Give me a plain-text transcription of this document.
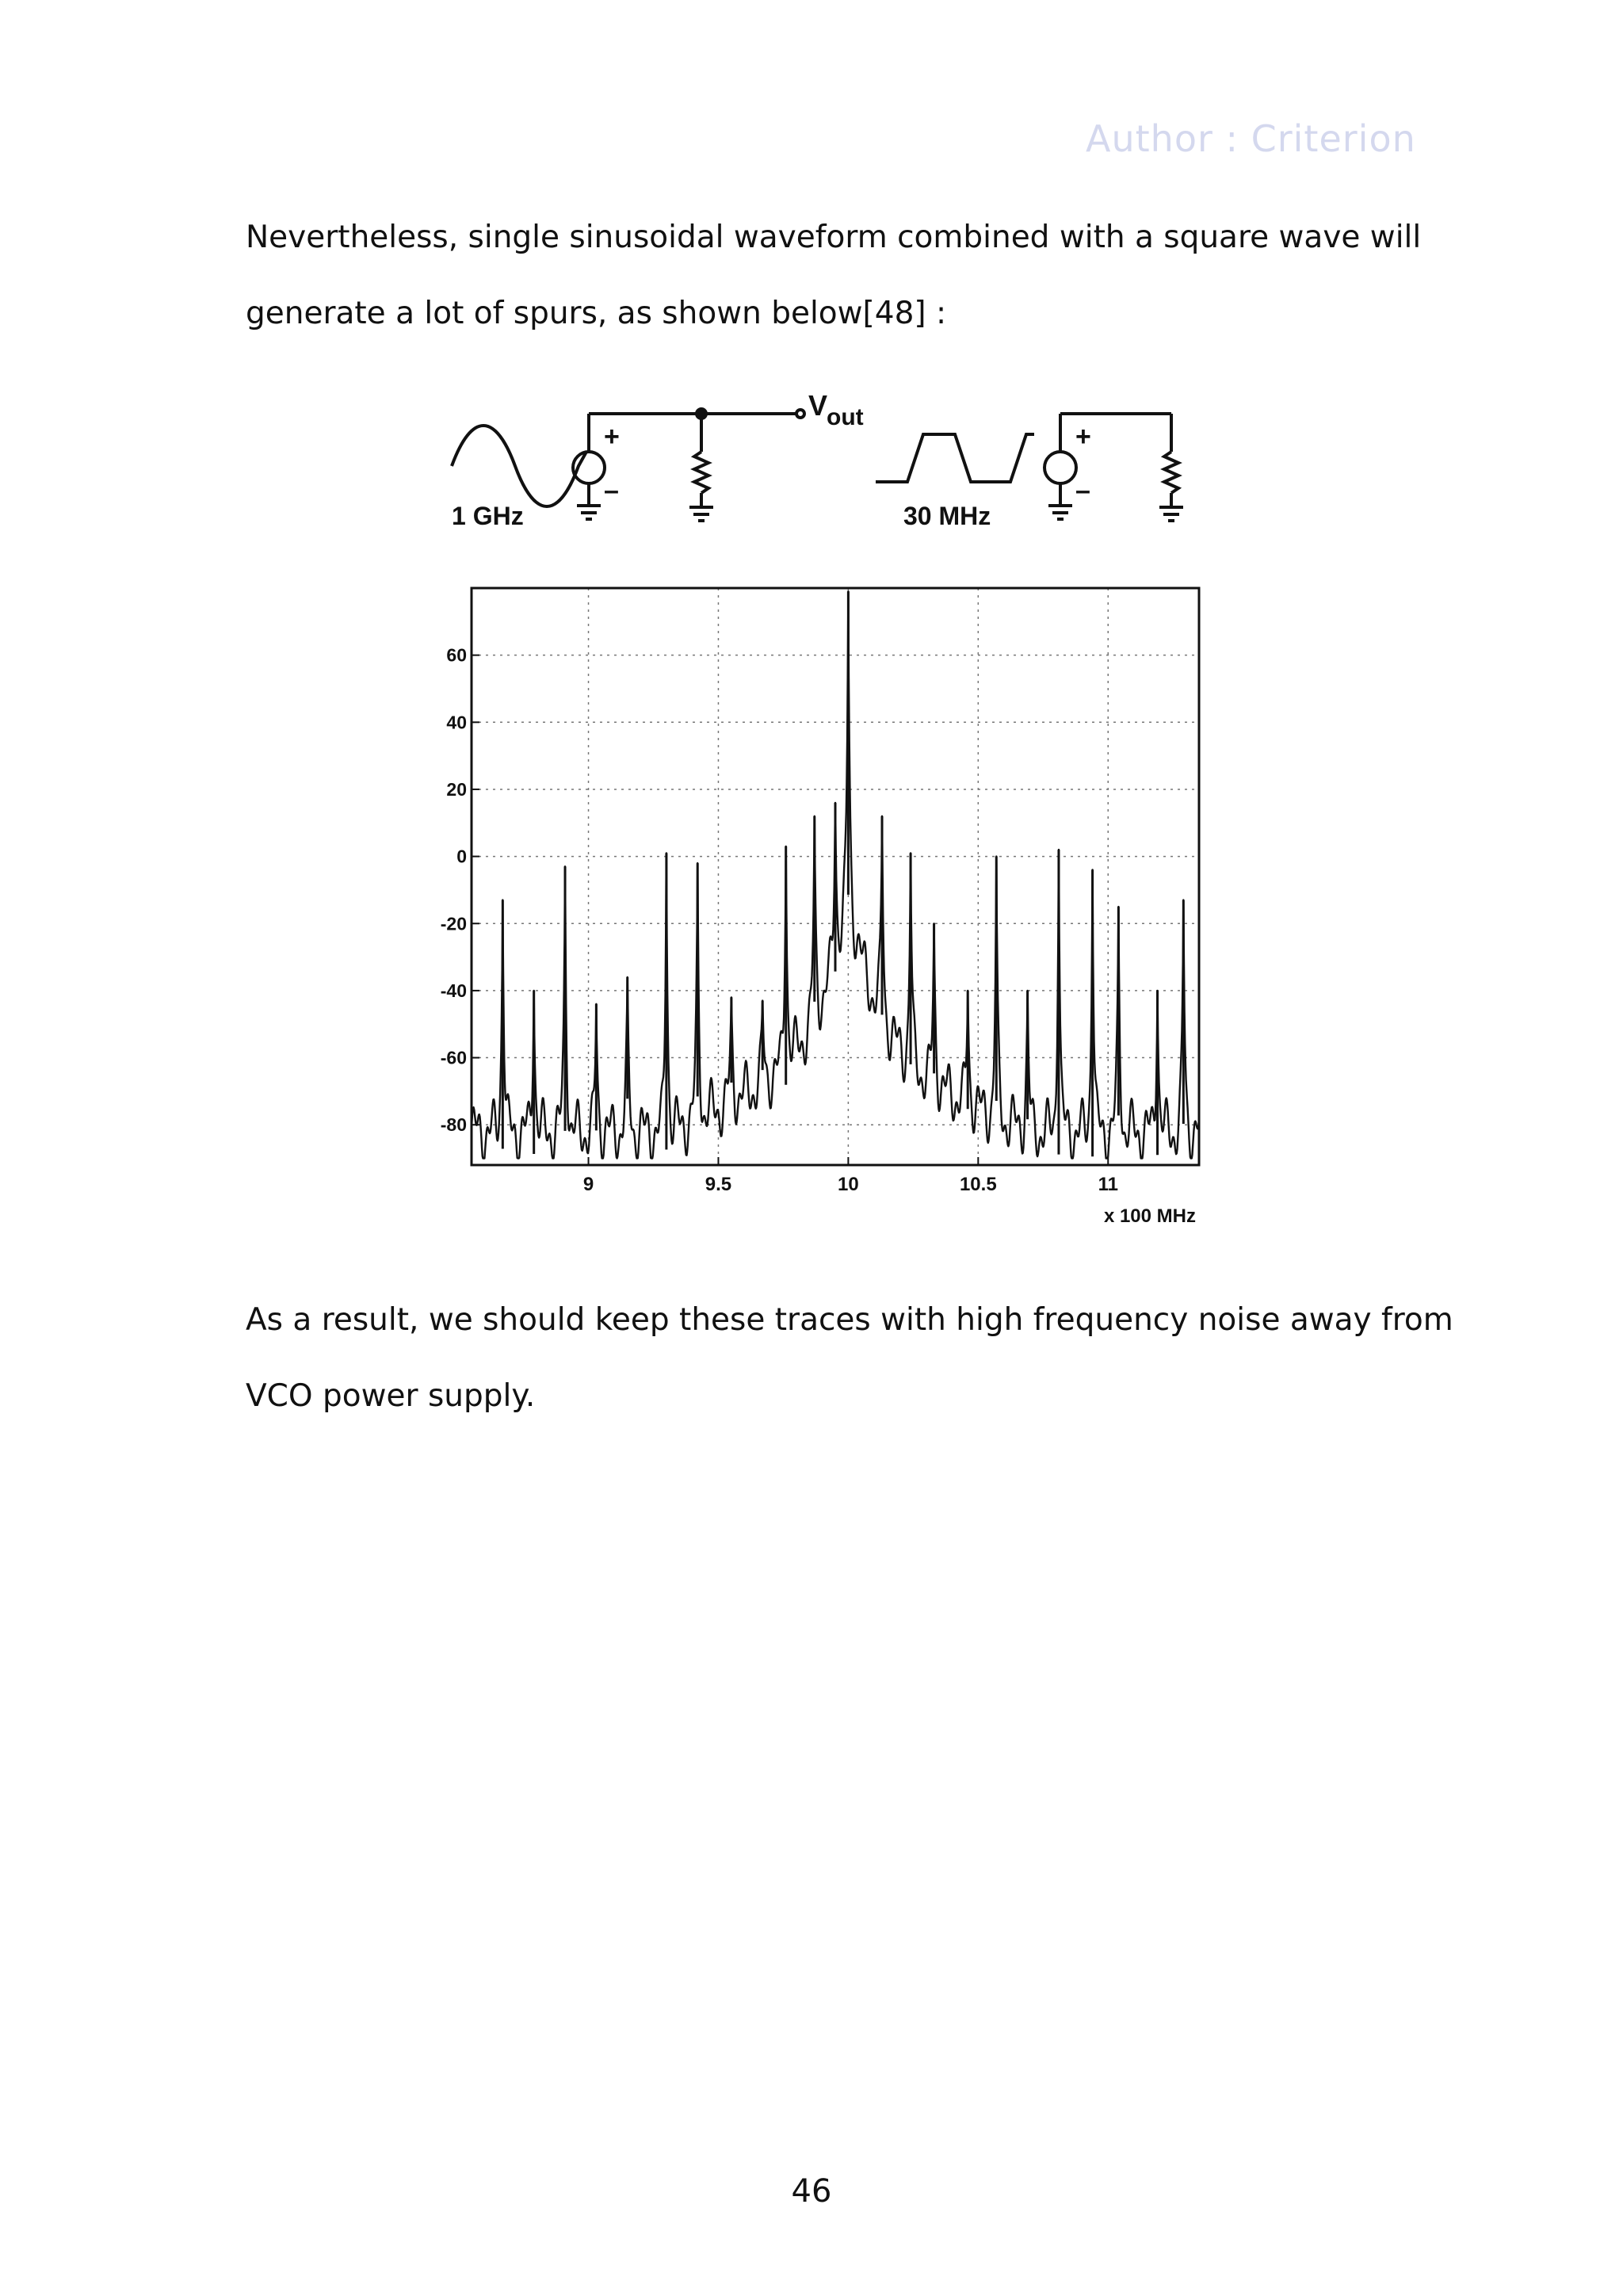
Author : Criterion
Nevertheless, single sinusoidal waveform combined with a square wave will
generate a lot of spurs, as shown below[48] :
+
–
+
–
1 GHz	30 MHz
V
out
9	9.5	10	10.5	11
60
40
20
0
-20
-40
-60
-80
x 100 MHz
As a result, we should keep these traces with high frequency noise away from
VCO power supply.
46
